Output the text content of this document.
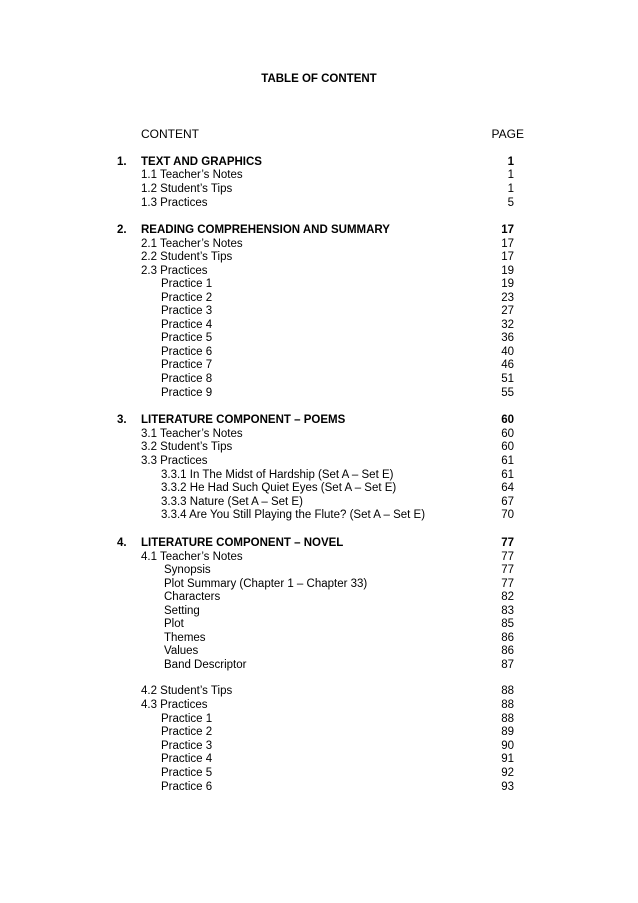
TABLE OF CONTENT
CONTENT	PAGE
1. TEXT AND GRAPHICS	1
1.1 Teacher’s Notes	1
1.2 Student’s Tips	1
1.3 Practices	5
2. READING COMPREHENSION AND SUMMARY	17
2.1 Teacher’s Notes	17
2.2 Student’s Tips	17
2.3 Practices	19
Practice 1	19
Practice 2	23
Practice 3	27
Practice 4	32
Practice 5	36
Practice 6	40
Practice 7	46
Practice 8	51
Practice 9	55
3. LITERATURE COMPONENT – POEMS	60
3.1 Teacher’s Notes	60
3.2 Student’s Tips	60
3.3 Practices	61
3.3.1 In The Midst of Hardship (Set A – Set E)	61
3.3.2 He Had Such Quiet Eyes (Set A – Set E)	64
3.3.3 Nature (Set A – Set E)	67
3.3.4 Are You Still Playing the Flute? (Set A – Set E)	70
4. LITERATURE COMPONENT – NOVEL	77
4.1 Teacher’s Notes	77
Synopsis	77
Plot Summary (Chapter 1 – Chapter 33)	77
Characters	82
Setting	83
Plot	85
Themes	86
Values	86
Band Descriptor	87
4.2 Student’s Tips	88
4.3 Practices	88
Practice 1	88
Practice 2	89
Practice 3	90
Practice 4	91
Practice 5	92
Practice 6	93
